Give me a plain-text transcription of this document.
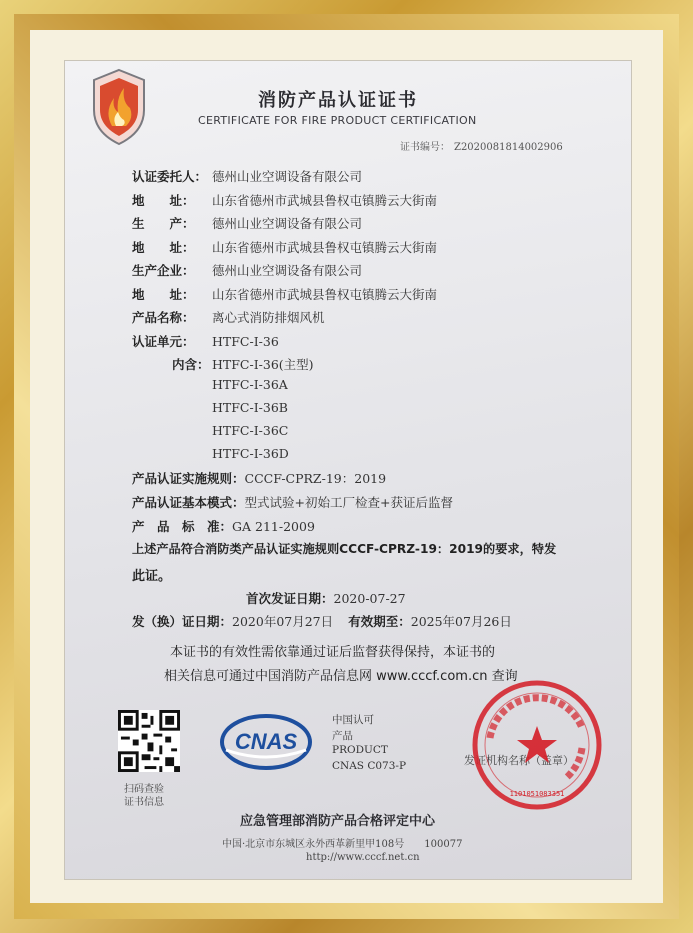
消防产品认证证书
CERTIFICATE FOR FIRE PRODUCT CERTIFICATION
证书编号： Z2020081814002906
认证委托人： 德州山业空调设备有限公司
地　　址： 山东省德州市武城县鲁权屯镇腾云大街南
生　　产： 德州山业空调设备有限公司
地　　址： 山东省德州市武城县鲁权屯镇腾云大街南
生产企业： 德州山业空调设备有限公司
地　　址： 山东省德州市武城县鲁权屯镇腾云大街南
产品名称： 离心式消防排烟风机
认证单元： HTFC-I-36
内含： HTFC-I-36(主型)
HTFC-I-36A
HTFC-I-36B
HTFC-I-36C
HTFC-I-36D
产品认证实施规则：CCCF-CPRZ-19：2019
产品认证基本模式：型式试验+初始工厂检查+获证后监督
产　品　标　准：GA 211-2009
上述产品符合消防类产品认证实施规则CCCF-CPRZ-19：2019的要求，特发
此证。
首次发证日期：2020-07-27
发（换）证日期：2020年07月27日 有效期至：2025年07月26日
本证书的有效性需依靠通过证后监督获得保持，本证书的
相关信息可通过中国消防产品信息网 www.cccf.com.cn 查询
扫码查验
证书信息
CNAS
中国认可
产品
PRODUCT
CNAS C073-P	发证机构名称（盖章）
1101051083351
应急管理部消防产品合格评定中心
中国·北京市东城区永外西革新里甲108号　　100077
http://www.cccf.net.cn
